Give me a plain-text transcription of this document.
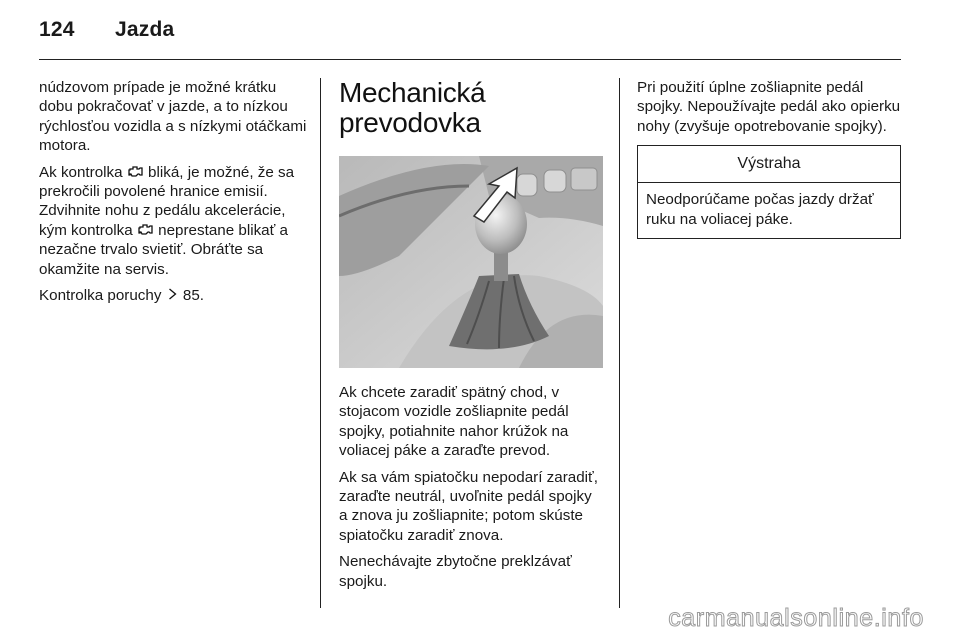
124 Jazda

núdzovom prípade je možné krátku dobu pokračovať v jazde, a to nízkou rýchlosťou vozidla a s nízkymi otáčkami motora.

Ak kontrolka bliká, je možné, že sa prekročili povolené hranice emisií. Zdvihnite nohu z pedálu akcelerácie, kým kontrolka neprestane blikať a nezačne trvalo svietiť. Obráťte sa okamžite na servis.

Kontrolka poruchy 85.

Mechanická prevodovka

Ak chcete zaradiť spätný chod, v stojacom vozidle zošliapnite pedál spojky, potiahnite nahor krúžok na voliacej páke a zaraďte prevod.

Ak sa vám spiatočku nepodarí zaradiť, zaraďte neutrál, uvoľnite pedál spojky a znova ju zošliapnite; potom skúste spiatočku zaradiť znova.

Nenechávajte zbytočne preklzávať spojku.

Pri použití úplne zošliapnite pedál spojky. Nepoužívajte pedál ako opierku nohy (zvyšuje opotrebovanie spojky).

Výstraha
Neodporúčame počas jazdy držať ruku na voliacej páke.
carmanualsonline.info
